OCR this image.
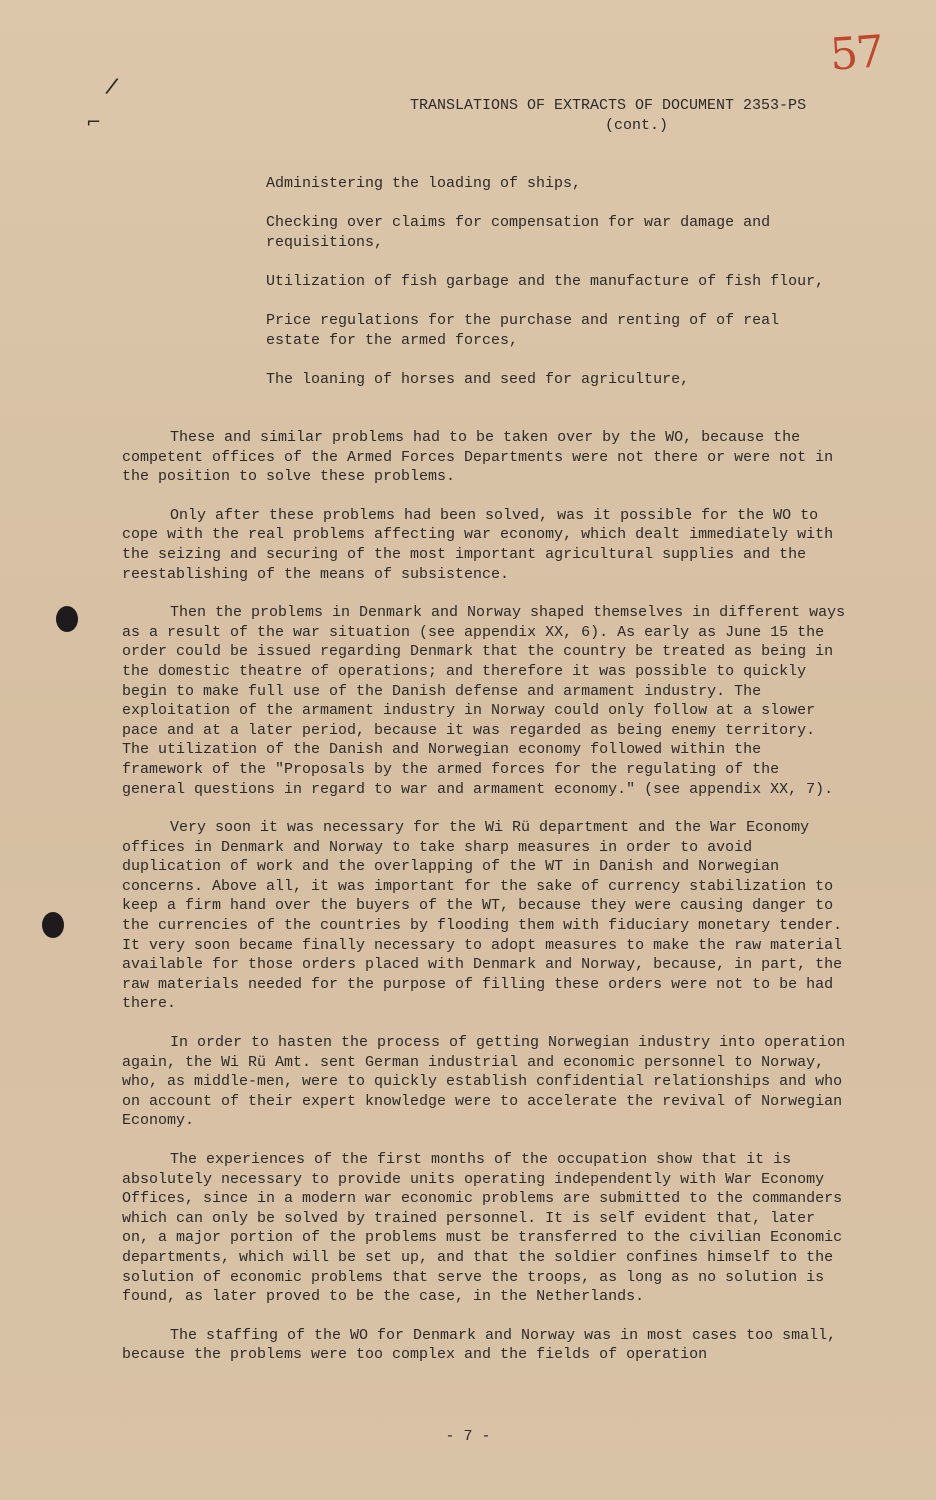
57
/
⌐
TRANSLATIONS OF EXTRACTS OF DOCUMENT 2353-PS

(cont.)

Administering the loading of ships,

Checking over claims for compensation for war damage and requisitions,

Utilization of fish garbage and the manufacture of fish flour,

Price regulations for the purchase and renting of of real estate for the armed forces,

The loaning of horses and seed for agriculture,

These and similar problems had to be taken over by the WO, because the competent offices of the Armed Forces Departments were not there or were not in the position to solve these problems.

Only after these problems had been solved, was it possible for the WO to cope with the real problems affecting war economy, which dealt immediately with the seizing and securing of the most important agricultural supplies and the reestablishing of the means of subsistence.

Then the problems in Denmark and Norway shaped themselves in different ways as a result of the war situation (see appendix XX, 6). As early as June 15 the order could be issued regarding Denmark that the country be treated as being in the domestic theatre of operations; and therefore it was possible to quickly begin to make full use of the Danish defense and armament industry. The exploitation of the armament industry in Norway could only follow at a slower pace and at a later period, because it was regarded as being enemy territory. The utilization of the Danish and Norwegian economy followed within the framework of the "Proposals by the armed forces for the regulating of the general questions in regard to war and armament economy." (see appendix XX, 7).

Very soon it was necessary for the Wi Rü department and the War Economy offices in Denmark and Norway to take sharp measures in order to avoid duplication of work and the overlapping of the WT in Danish and Norwegian concerns. Above all, it was important for the sake of currency stabilization to keep a firm hand over the buyers of the WT, because they were causing danger to the currencies of the countries by flooding them with fiduciary monetary tender. It very soon became finally necessary to adopt measures to make the raw material available for those orders placed with Denmark and Norway, because, in part, the raw materials needed for the purpose of filling these orders were not to be had there.

In order to hasten the process of getting Norwegian industry into operation again, the Wi Rü Amt. sent German industrial and economic personnel to Norway, who, as middle-men, were to quickly establish confidential relationships and who on account of their expert knowledge were to accelerate the revival of Norwegian Economy.

The experiences of the first months of the occupation show that it is absolutely necessary to provide units operating independently with War Economy Offices, since in a modern war economic problems are submitted to the commanders which can only be solved by trained personnel. It is self evident that, later on, a major portion of the problems must be transferred to the civilian Economic departments, which will be set up, and that the soldier confines himself to the solution of economic problems that serve the troops, as long as no solution is found, as later proved to be the case, in the Netherlands.

The staffing of the WO for Denmark and Norway was in most cases too small, because the problems were too complex and the fields of operation

- 7 -
